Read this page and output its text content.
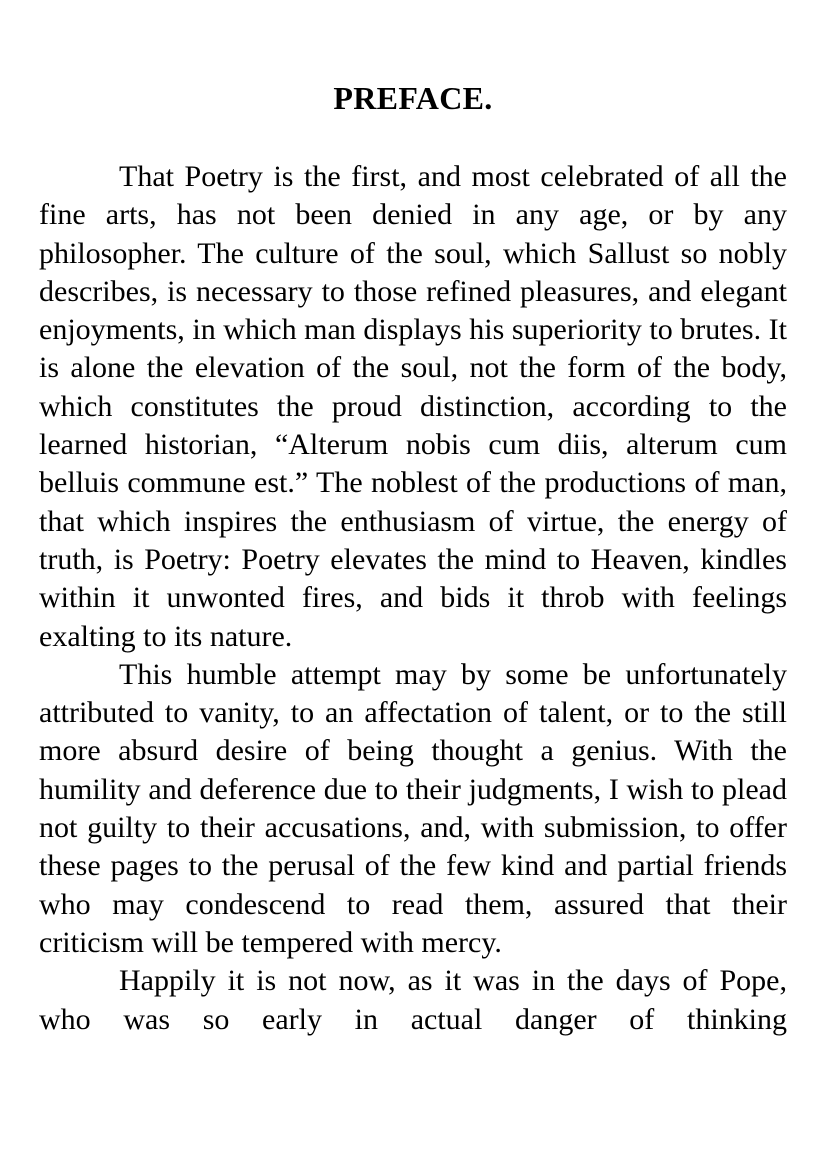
PREFACE.

That Poetry is the first, and most celebrated of all the fine arts, has not been denied in any age, or by any philosopher. The culture of the soul, which Sallust so nobly describes, is necessary to those refined pleasures, and elegant enjoyments, in which man displays his superiority to brutes. It is alone the elevation of the soul, not the form of the body, which constitutes the proud distinction, according to the learned historian, “Alterum nobis cum diis, alterum cum belluis commune est.” The noblest of the productions of man, that which inspires the enthusiasm of virtue, the energy of truth, is Poetry: Poetry elevates the mind to Heaven, kindles within it unwonted fires, and bids it throb with feelings exalting to its nature.

This humble attempt may by some be unfortunately attributed to vanity, to an affectation of talent, or to the still more absurd desire of being thought a genius. With the humility and deference due to their judgments, I wish to plead not guilty to their accusations, and, with submission, to offer these pages to the perusal of the few kind and partial friends who may condescend to read them, assured that their criticism will be tempered with mercy.

Happily it is not now, as it was in the days of Pope, who was so early in actual danger of thinking
